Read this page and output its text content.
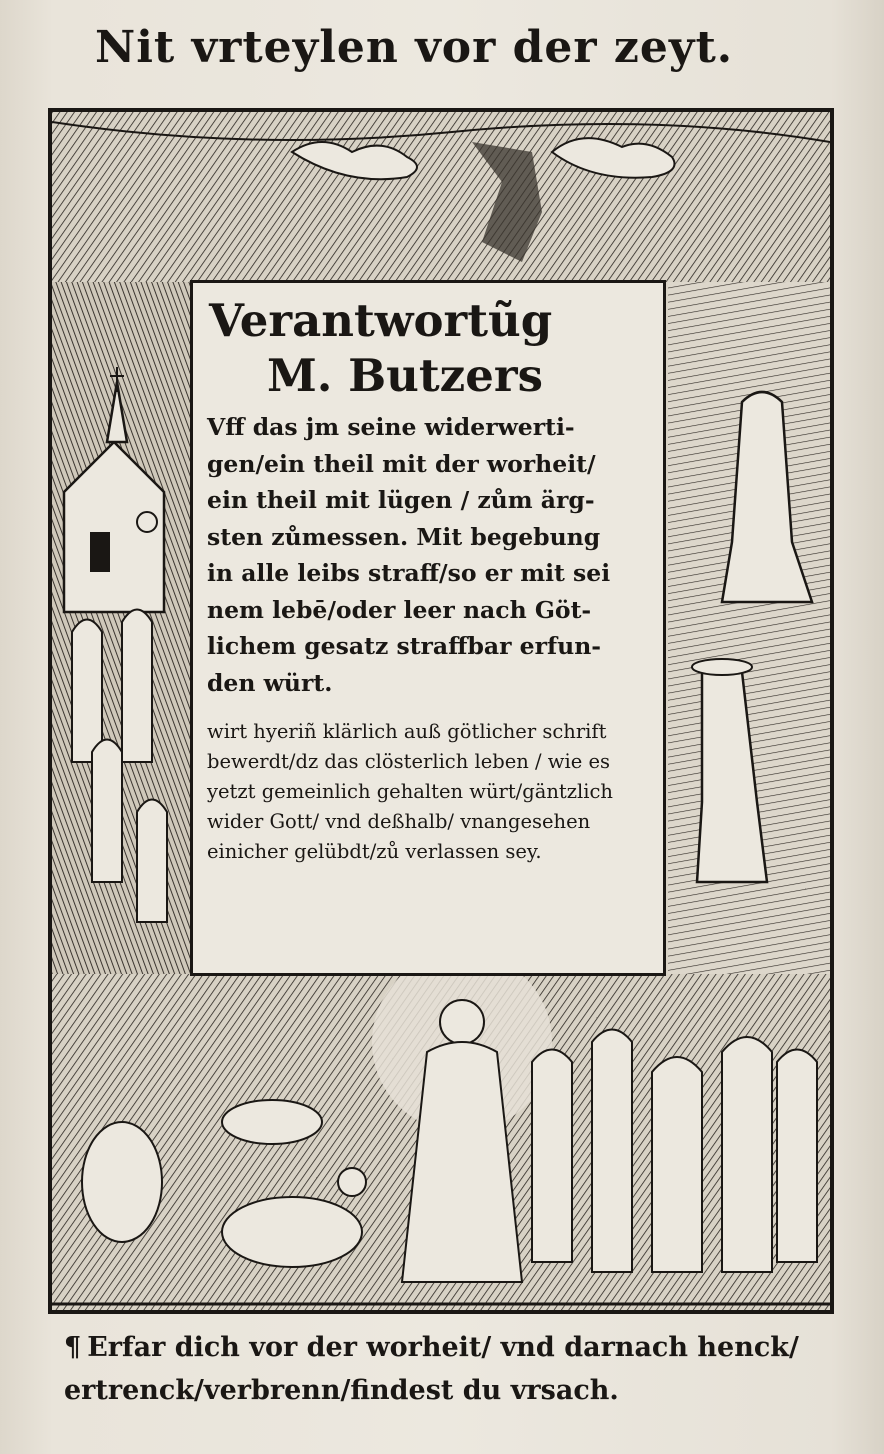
Nit vrteylen vor der zeyt.
Verantwortũg
M. Butzers
Vff das jm seine widerwerti-
gen/ein theil mit der worheit/
ein theil mit lügen / zům ärg-
sten zůmessen. Mit begebung
in alle leibs straff/so er mit sei
nem lebē/oder leer nach Göt-
lichem gesatz straffbar erfun-
den würt.
wirt hyeriñ klärlich auß götlicher schrift
bewerdt/dz das clösterlich leben / wie es
yetzt gemeinlich gehalten würt/gäntzlich
wider Gott/ vnd deßhalb/ vnangesehen
einicher gelübdt/zů verlassen sey.
¶ Erfar dich vor der worheit/ vnd darnach henck/
ertrenck/verbrenn/findest du vrsach.
